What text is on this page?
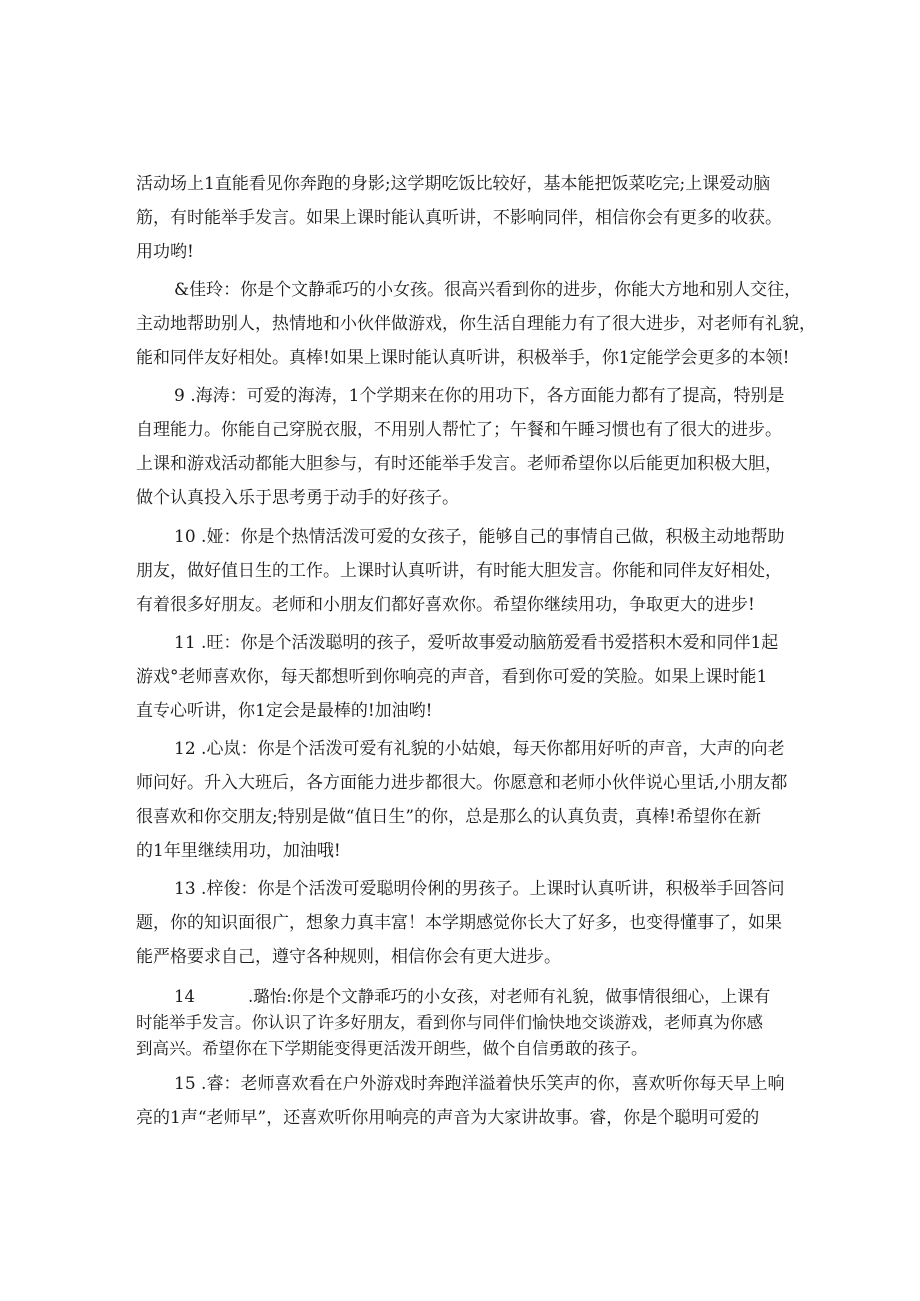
活动场上1直能看见你奔跑的身影;这学期吃饭比较好，基本能把饭菜吃完;上课爱动脑
筋，有时能举手发言。如果上课时能认真听讲，不影响同伴，相信你会有更多的收获。
用功哟!
&佳玲：你是个文静乖巧的小女孩。很高兴看到你的进步，你能大方地和别人交往，
主动地帮助别人，热情地和小伙伴做游戏，你生活自理能力有了很大进步，对老师有礼貌，
能和同伴友好相处。真棒!如果上课时能认真听讲，积极举手，你1定能学会更多的本领!
9 .海涛：可爱的海涛，1个学期来在你的用功下，各方面能力都有了提高，特别是
自理能力。你能自己穿脱衣服，不用别人帮忙了；午餐和午睡习惯也有了很大的进步。
上课和游戏活动都能大胆参与，有时还能举手发言。老师希望你以后能更加积极大胆，
做个认真投入乐于思考勇于动手的好孩子。
10 .娅：你是个热情活泼可爱的女孩子，能够自己的事情自己做，积极主动地帮助
朋友，做好值日生的工作。上课时认真听讲，有时能大胆发言。你能和同伴友好相处，
有着很多好朋友。老师和小朋友们都好喜欢你。希望你继续用功，争取更大的进步!
11 .旺：你是个活泼聪明的孩子，爱听故事爱动脑筋爱看书爱搭积木爱和同伴1起
游戏°老师喜欢你，每天都想听到你响亮的声音，看到你可爱的笑脸。如果上课时能1
直专心听讲，你1定会是最棒的!加油哟!
12 .心岚：你是个活泼可爱有礼貌的小姑娘，每天你都用好听的声音，大声的向老
师问好。升入大班后，各方面能力进步都很大。你愿意和老师小伙伴说心里话,小朋友都
很喜欢和你交朋友;特别是做“值日生”的你，总是那么的认真负责，真棒!希望你在新
的1年里继续用功，加油哦!
13 .梓俊：你是个活泼可爱聪明伶俐的男孩子。上课时认真听讲，积极举手回答问
题，你的知识面很广，想象力真丰富！本学期感觉你长大了好多，也变得懂事了，如果
能严格要求自己，遵守各种规则，相信你会有更大进步。
14	.璐怡:你是个文静乖巧的小女孩，对老师有礼貌，做事情很细心，上课有
时能举手发言。你认识了许多好朋友，看到你与同伴们愉快地交谈游戏，老师真为你感
到高兴。希望你在下学期能变得更活泼开朗些，做个自信勇敢的孩子。
15 .睿：老师喜欢看在户外游戏时奔跑洋溢着快乐笑声的你，喜欢听你每天早上响
亮的1声“老师早”，还喜欢听你用响亮的声音为大家讲故事。睿，你是个聪明可爱的
